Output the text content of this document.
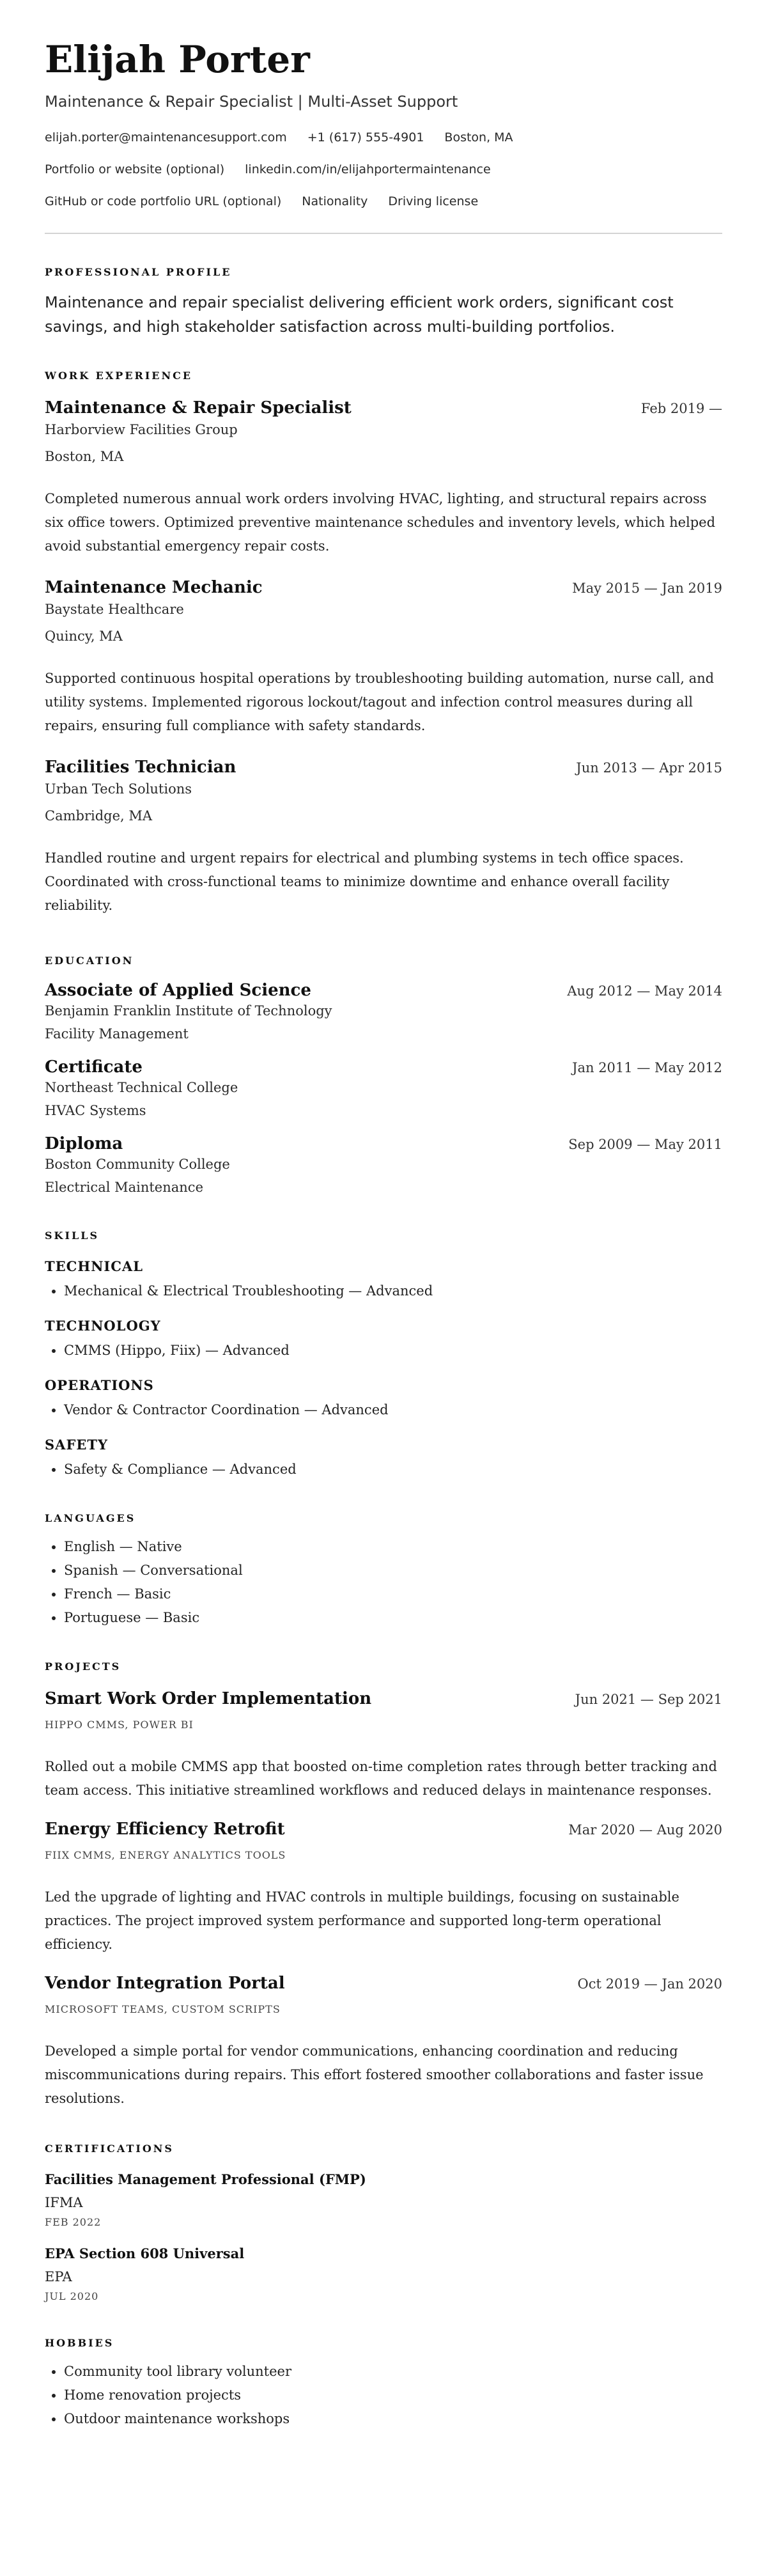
Elijah Porter
Maintenance & Repair Specialist | Multi-Asset Support
elijah.porter@maintenancesupport.com +1 (617) 555-4901 Boston, MA
Portfolio or website (optional) linkedin.com/in/elijahportermaintenance
GitHub or code portfolio URL (optional) Nationality Driving license
PROFESSIONAL PROFILE
Maintenance and repair specialist delivering efficient work orders, significant cost savings, and high stakeholder satisfaction across multi-building portfolios.
WORK EXPERIENCE
Maintenance & Repair Specialist	Feb 2019 —
Harborview Facilities Group
Boston, MA
Completed numerous annual work orders involving HVAC, lighting, and structural repairs across six office towers. Optimized preventive maintenance schedules and inventory levels, which helped avoid substantial emergency repair costs.
Maintenance Mechanic	May 2015 — Jan 2019
Baystate Healthcare
Quincy, MA
Supported continuous hospital operations by troubleshooting building automation, nurse call, and utility systems. Implemented rigorous lockout/tagout and infection control measures during all repairs, ensuring full compliance with safety standards.
Facilities Technician	Jun 2013 — Apr 2015
Urban Tech Solutions
Cambridge, MA
Handled routine and urgent repairs for electrical and plumbing systems in tech office spaces. Coordinated with cross-functional teams to minimize downtime and enhance overall facility reliability.
EDUCATION
Associate of Applied Science	Aug 2012 — May 2014
Benjamin Franklin Institute of Technology
Facility Management
Certificate	Jan 2011 — May 2012
Northeast Technical College
HVAC Systems
Diploma	Sep 2009 — May 2011
Boston Community College
Electrical Maintenance
SKILLS
TECHNICAL
• Mechanical & Electrical Troubleshooting — Advanced
TECHNOLOGY
• CMMS (Hippo, Fiix) — Advanced
OPERATIONS
• Vendor & Contractor Coordination — Advanced
SAFETY
• Safety & Compliance — Advanced
LANGUAGES
• English — Native
• Spanish — Conversational
• French — Basic
• Portuguese — Basic
PROJECTS
Smart Work Order Implementation	Jun 2021 — Sep 2021
HIPPO CMMS, POWER BI
Rolled out a mobile CMMS app that boosted on-time completion rates through better tracking and team access. This initiative streamlined workflows and reduced delays in maintenance responses.
Energy Efficiency Retrofit	Mar 2020 — Aug 2020
FIIX CMMS, ENERGY ANALYTICS TOOLS
Led the upgrade of lighting and HVAC controls in multiple buildings, focusing on sustainable practices. The project improved system performance and supported long-term operational efficiency.
Vendor Integration Portal	Oct 2019 — Jan 2020
MICROSOFT TEAMS, CUSTOM SCRIPTS
Developed a simple portal for vendor communications, enhancing coordination and reducing miscommunications during repairs. This effort fostered smoother collaborations and faster issue resolutions.
CERTIFICATIONS
Facilities Management Professional (FMP)
IFMA
FEB 2022
EPA Section 608 Universal
EPA
JUL 2020
HOBBIES
• Community tool library volunteer
• Home renovation projects
• Outdoor maintenance workshops
